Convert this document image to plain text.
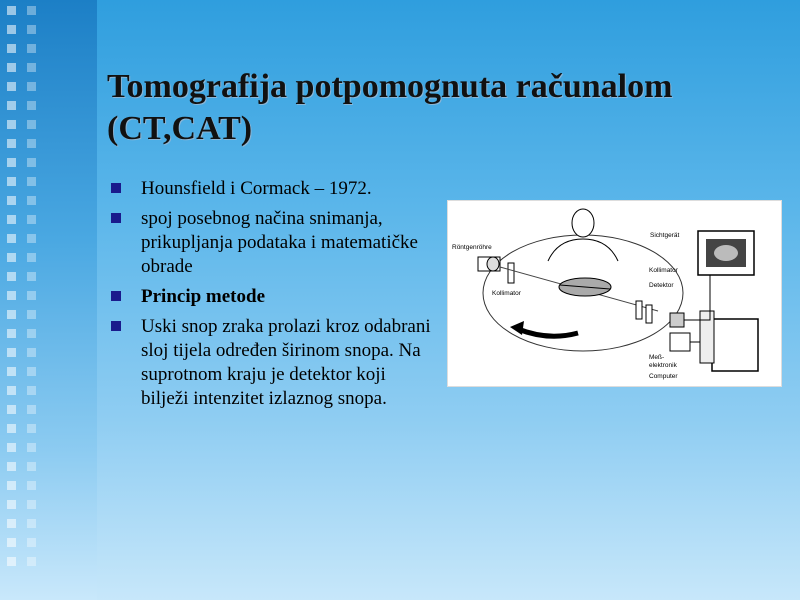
Tomografija potpomognuta računalom
(CT,CAT)
Hounsfield i Cormack – 1972.
spoj posebnog načina snimanja, prikupljanja podataka i matematičke obrade
Princip metode
Uski snop zraka prolazi kroz odabrani sloj tijela određen širinom snopa. Na suprotnom kraju je detektor koji bilježi intenzitet izlaznog snopa.
Röntgenröhre
Kollimator
Sichtgerät
Kollimator
Detektor
Meß-
elektronik
Computer
